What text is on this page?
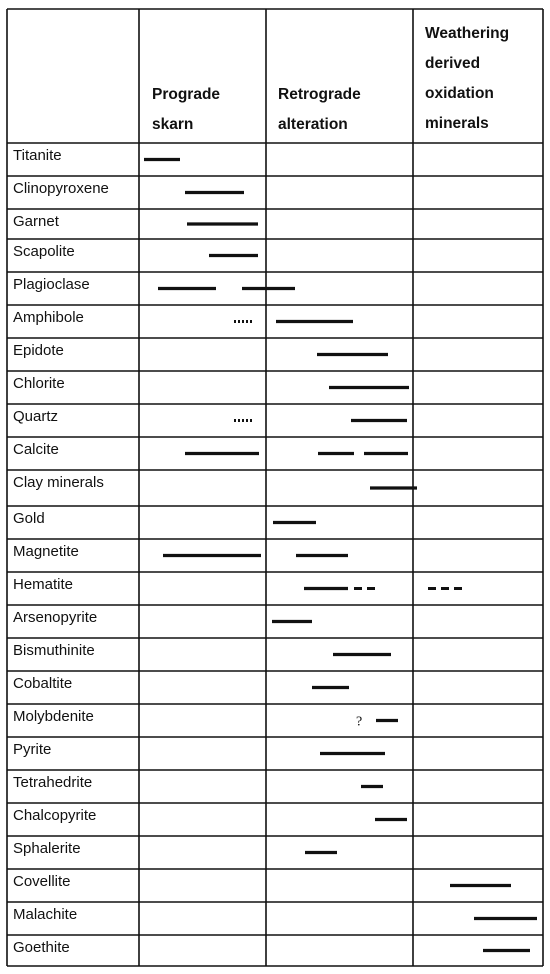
Prograde
skarn
Retrograde
alteration
Weathering
derived
oxidation
minerals
Titanite
Clinopyroxene
Garnet
Scapolite
Plagioclase
Amphibole
Epidote
Chlorite
Quartz
Calcite
Clay minerals
Gold
Magnetite
Hematite
Arsenopyrite
Bismuthinite
Cobaltite
Molybdenite
Pyrite
Tetrahedrite
Chalcopyrite
Sphalerite
Covellite
Malachite
Goethite
?
